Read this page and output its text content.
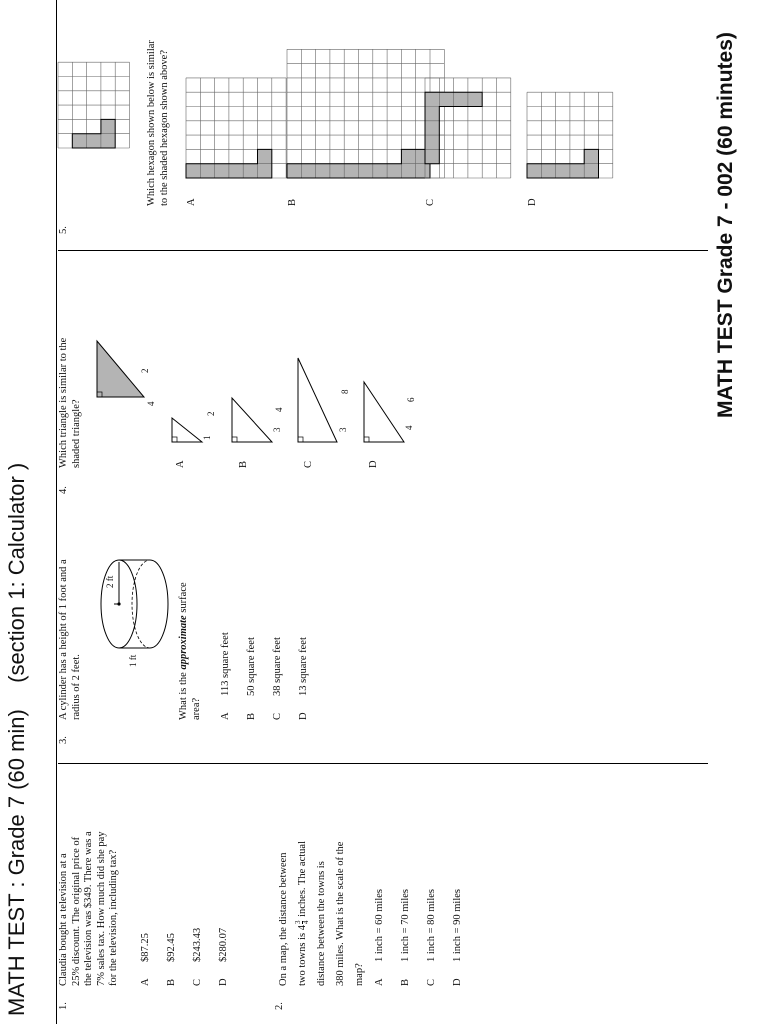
MATH TEST : Grade 7 (60 min)  (section 1: Calculator )
MATH TEST Grade 7 - 002 (60 minutes)
1.
Claudia bought a television at a 25% discount. The original price of the television was $349. There was a 7% sales tax. How much did she pay for the television, including tax? A$87.25
B$92.45
C$243.43
D$280.07
2.
On a map, the distance between two towns is 4
3 4
inches. The actual distance between the towns is 380 miles. What is the scale of the map? A1 inch = 60 miles
B1 inch = 70 miles
C1 inch = 80 miles
D1 inch = 90 miles
3.
A cylinder has a height of 1 foot and a radius of 2 feet.
2 ft
1 ft
What is the approximate surface
area? A113 square feet
B50 square feet
C38 square feet
D13 square feet
4.
Which triangle is similar to the shaded triangle?
2
4
A
1
2
B
3
4
C
3
8
D
4
6
5.
Which hexagon shown below is similar to the shaded hexagon shown above? A	B	C	D
